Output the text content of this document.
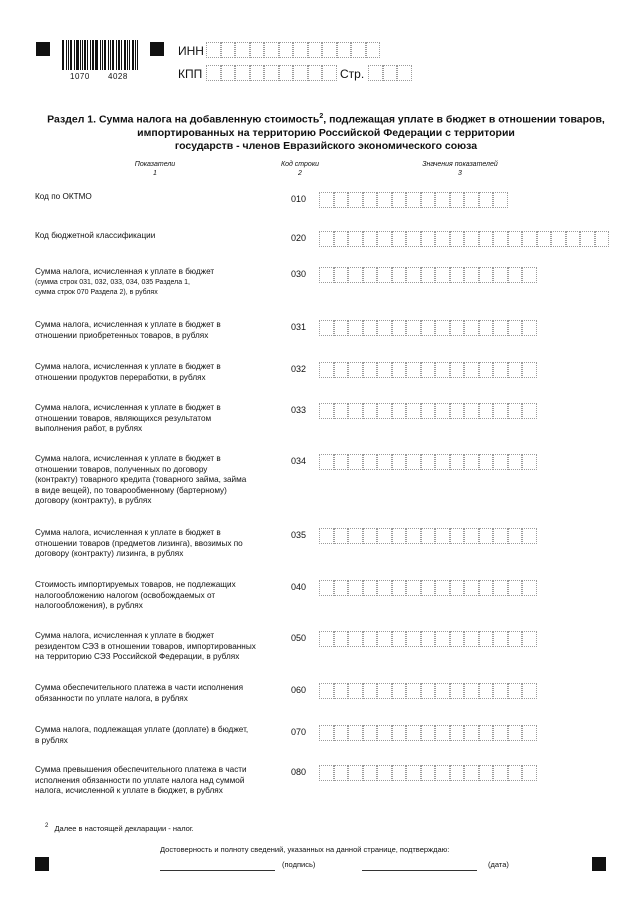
1070 4028
ИНН
КПП	Стр.
Раздел 1. Сумма налога на добавленную стоимость$^2$, подлежащая уплате в бюджет в отношении товаров,
импортированных на территорию Российской Федерации с территории
государств - членов Евразийского экономического союза
Показатели
1
Код строки
2
Значения показателей
3
Код по ОКТМО	010
Код бюджетной классификации	020
Сумма налога, исчисленная к уплате в бюджет
(сумма строк 031, 032, 033, 034, 035 Раздела 1,
сумма строк 070 Раздела 2), в рублях
030
Сумма налога, исчисленная к уплате в бюджет в
отношении приобретенных товаров, в рублях
031
Сумма налога, исчисленная к уплате в бюджет в
отношении продуктов переработки, в рублях
032
Сумма налога, исчисленная к уплате в бюджет в
отношении товаров, являющихся результатом
выполнения работ, в рублях
033
Сумма налога, исчисленная к уплате в бюджет в
отношении товаров, полученных по договору
(контракту) товарного кредита (товарного займа, займа
в виде вещей), по товарообменному (бартерному)
договору (контракту), в рублях
034
Сумма налога, исчисленная к уплате в бюджет в
отношении товаров (предметов лизинга), ввозимых по
договору (контракту) лизинга, в рублях
035
Стоимость импортируемых товаров, не подлежащих
налогообложению налогом (освобождаемых от
налогообложения), в рублях
040
Сумма налога, исчисленная к уплате в бюджет
резидентом СЭЗ в отношении товаров, импортированных
на территорию СЭЗ Российской Федерации, в рублях
050
Сумма обеспечительного платежа в части исполнения
обязанности по уплате налога, в рублях
060
Сумма налога, подлежащая уплате (доплате) в бюджет,
в рублях
070
Сумма превышения обеспечительного платежа в части
исполнения обязанности по уплате налога над суммой
налога, исчисленной к уплате в бюджет, в рублях
080
$^2$ Далее в настоящей декларации - налог.
Достоверность и полноту сведений, указанных на данной странице, подтверждаю:
(подпись)	(дата)
